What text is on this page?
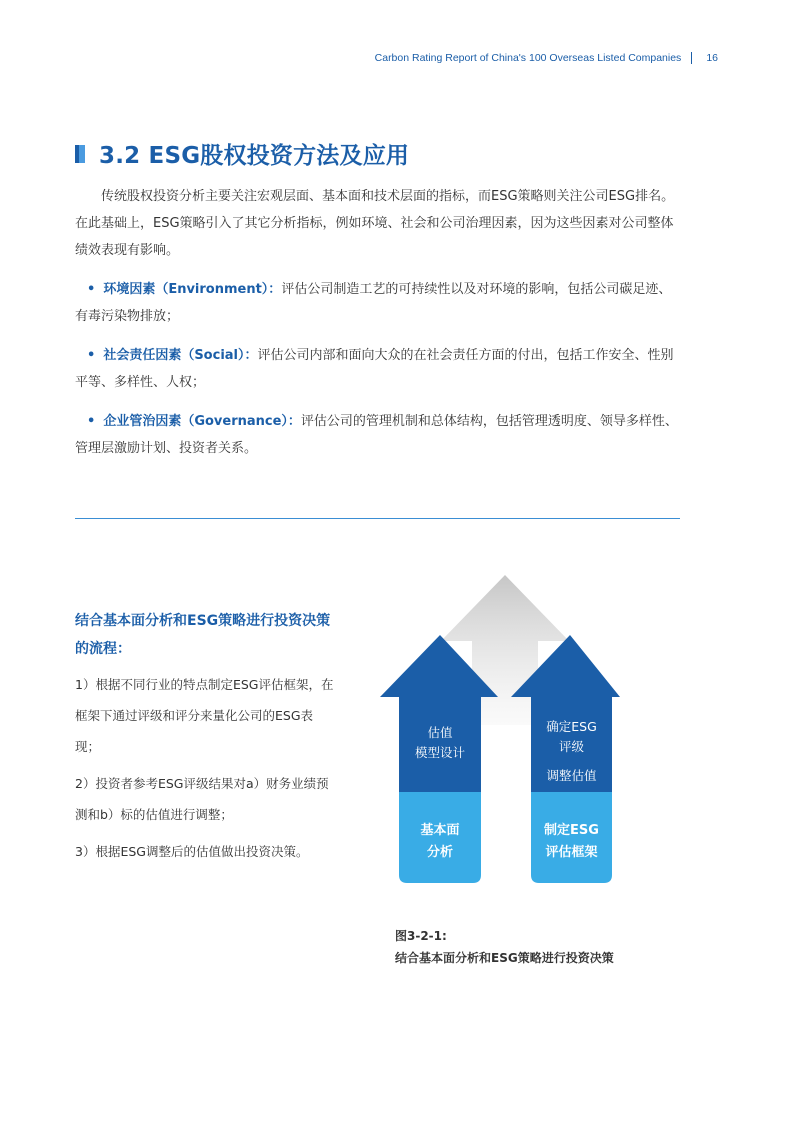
Carbon Rating Report of China's 100 Overseas Listed Companies 16
3.2 ESG股权投资方法及应用
传统股权投资分析主要关注宏观层面、基本面和技术层面的指标，而ESG策略则关注公司ESG排名。在此基础上，ESG策略引入了其它分析指标，例如环境、社会和公司治理因素，因为这些因素对公司整体绩效表现有影响。
• 环境因素（Environment）：评估公司制造工艺的可持续性以及对环境的影响，包括公司碳足迹、有毒污染物排放；
• 社会责任因素（Social）：评估公司内部和面向大众的在社会责任方面的付出，包括工作安全、性别平等、多样性、人权；
• 企业管治因素（Governance）：评估公司的管理机制和总体结构，包括管理透明度、领导多样性、管理层激励计划、投资者关系。
结合基本面分析和ESG策略进行投资决策的流程：
1）根据不同行业的特点制定ESG评估框架，在框架下通过评级和评分来量化公司的ESG表现；
2）投资者参考ESG评级结果对a）财务业绩预测和b）标的估值进行调整；
3）根据ESG调整后的估值做出投资决策。
估值
模型设计
基本面
分析
确定ESG
评级
调整估值
制定ESG
评估框架
图3-2-1:
结合基本面分析和ESG策略进行投资决策
